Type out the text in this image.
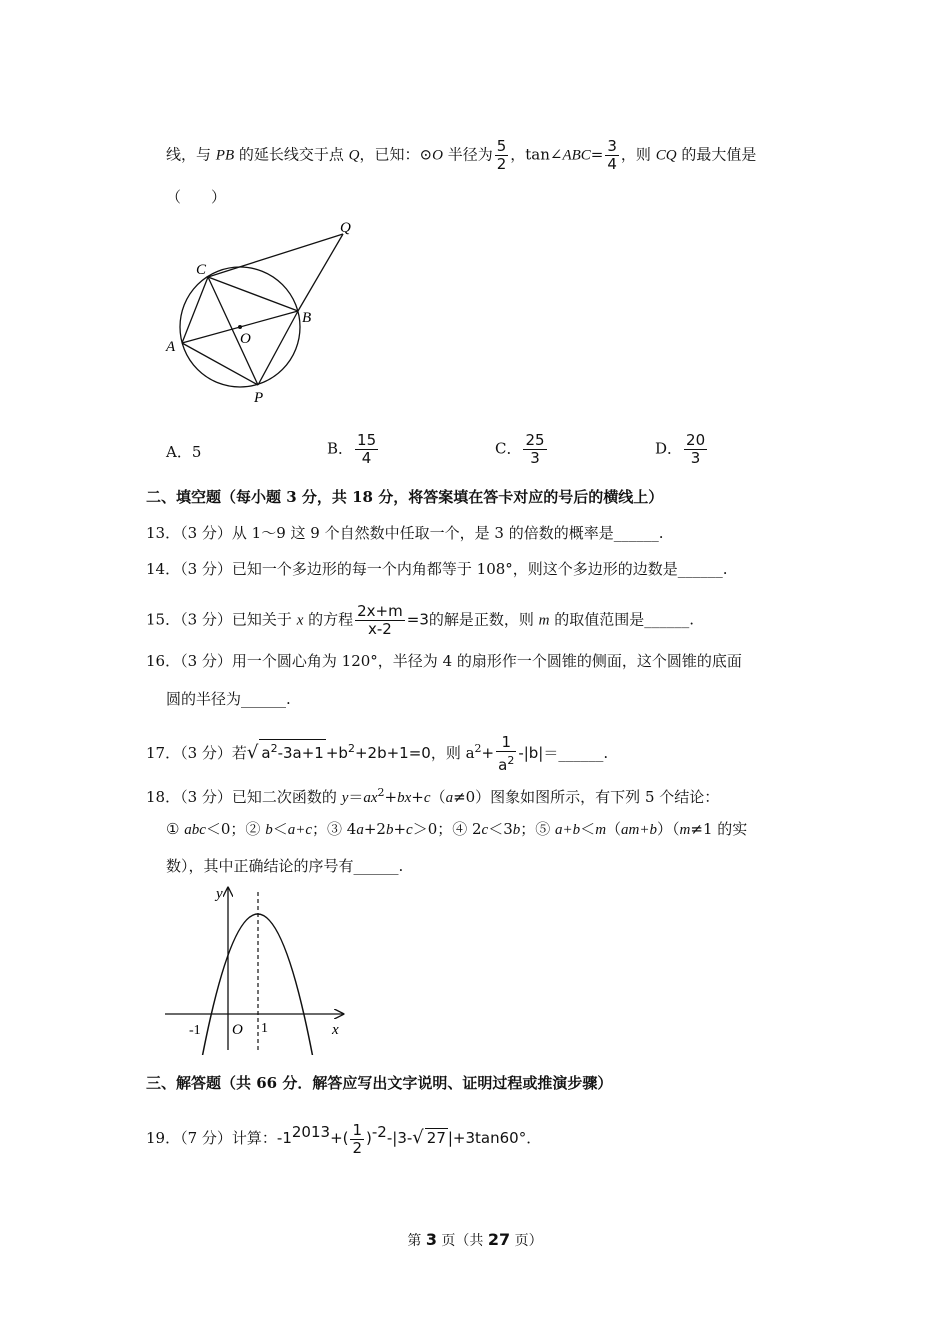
线，与 PB 的延长线交于点 Q，已知：⊙O 半径为 $\frac{5}{2}$ ，tan∠ABC= $\frac{3}{4}$ ，则 CQ 的最大值是
（　　）
C
Q
B
O
A
P
A．5	B． $\frac{15}{4}$	C． $\frac{25}{3}$	D． $\frac{20}{3}$
二、填空题（每小题 3 分，共 18 分，将答案填在答卡对应的号后的横线上）
13．（3 分）从 1～9 这 9 个自然数中任取一个，是 3 的倍数的概率是______.
14．（3 分）已知一个多边形的每一个内角都等于 108°，则这个多边形的边数是______.
15．（3 分）已知关于 x 的方程 $\frac{2x+m}{x-2} =3$的解是正数，则 m 的取值范围是______.
16．（3 分）用一个圆心角为 120°，半径为 4 的扇形作一个圆锥的侧面，这个圆锥的底面
圆的半径为______.
17．（3 分）若√ $a^2-3a+1 +b^2+2b+1=0$，则 $a^2+ \frac{1}{a^2}$ -|b|＝______.
18．（3 分）已知二次函数的 $y=ax^2+bx+c(a\ne 0)$图象如图所示，有下列 5 个结论：
① abc＜0；② b＜a+c；③ 4a+2b+c＞0；④ 2c＜3b；⑤ a+b＜m（am+b）（m≠1 的实
数），其中正确结论的序号有______.
y
x
O
-1	1
三、解答题（共 66 分．解答应写出文字说明、证明过程或推演步骤）
19．（7 分）计算：$-1^{2013}+( \frac{1}{2} )^{-2}-|3-√$ 27 |+3tan60°．
第 3 页（共 27 页）
